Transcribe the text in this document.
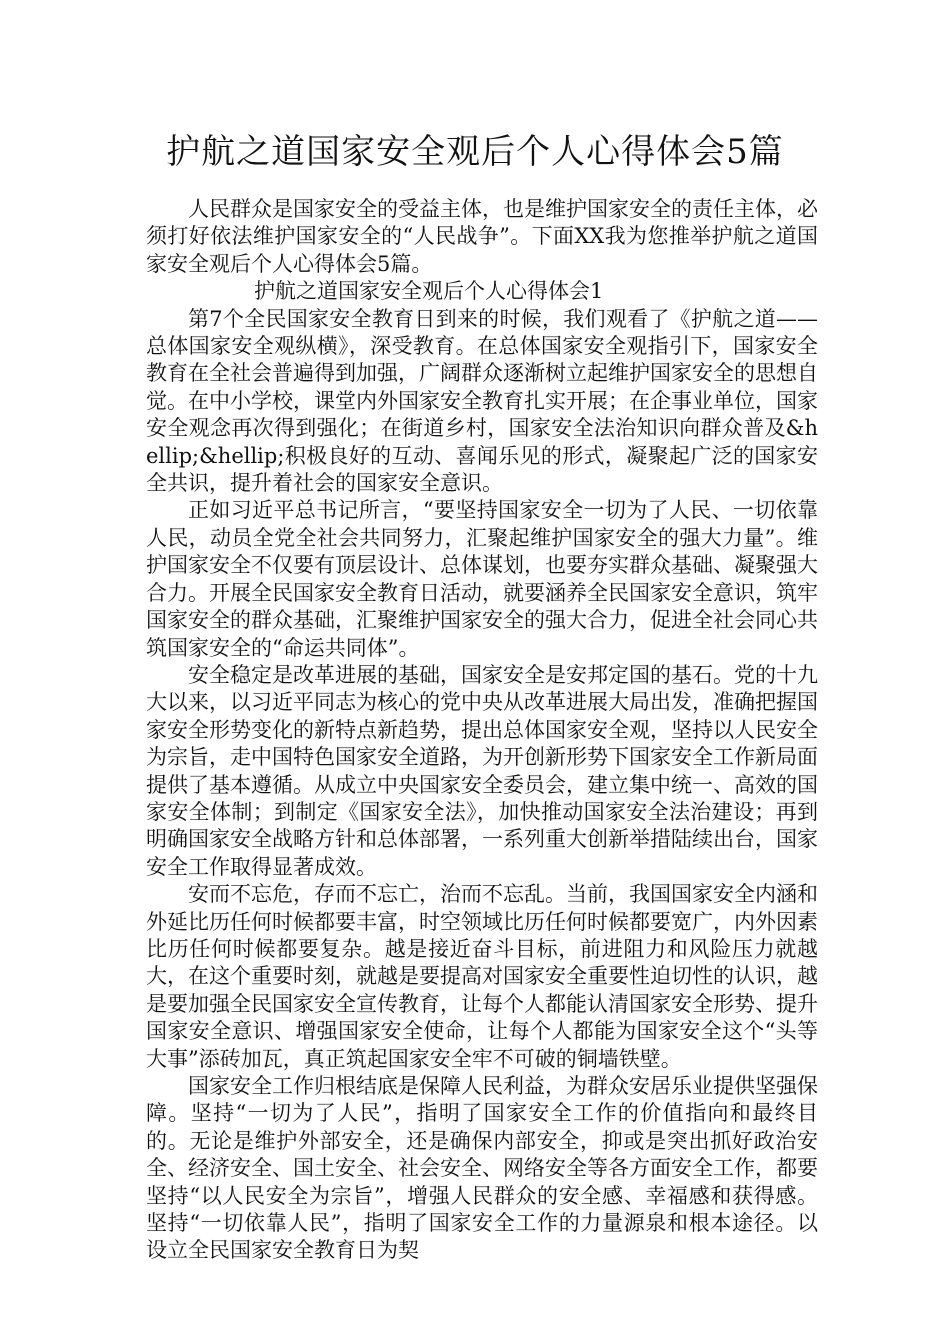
护航之道国家安全观后个人心得体会5篇

人民群众是国家安全的受益主体，也是维护国家安全的责任主体，必须打好依法维护国家安全的“人民战争”。下面XX我为您推举护航之道国家安全观后个人心得体会5篇。

护航之道国家安全观后个人心得体会1

第7个全民国家安全教育日到来的时候，我们观看了《护航之道——总体国家安全观纵横》，深受教育。在总体国家安全观指引下，国家安全教育在全社会普遍得到加强，广阔群众逐渐树立起维护国家安全的思想自觉。在中小学校，课堂内外国家安全教育扎实开展；在企事业单位，国家安全观念再次得到强化；在街道乡村，国家安全法治知识向群众普及&hellip;&hellip;积极良好的互动、喜闻乐见的形式，凝聚起广泛的国家安全共识，提升着社会的国家安全意识。

正如习近平总书记所言，“要坚持国家安全一切为了人民、一切依靠人民，动员全党全社会共同努力，汇聚起维护国家安全的强大力量”。维护国家安全不仅要有顶层设计、总体谋划，也要夯实群众基础、凝聚强大合力。开展全民国家安全教育日活动，就要涵养全民国家安全意识，筑牢国家安全的群众基础，汇聚维护国家安全的强大合力，促进全社会同心共筑国家安全的“命运共同体”。

安全稳定是改革进展的基础，国家安全是安邦定国的基石。党的十九大以来，以习近平同志为核心的党中央从改革进展大局出发，准确把握国家安全形势变化的新特点新趋势，提出总体国家安全观，坚持以人民安全为宗旨，走中国特色国家安全道路，为开创新形势下国家安全工作新局面提供了基本遵循。从成立中央国家安全委员会，建立集中统一、高效的国家安全体制；到制定《国家安全法》，加快推动国家安全法治建设；再到明确国家安全战略方针和总体部署，一系列重大创新举措陆续出台，国家安全工作取得显著成效。

安而不忘危，存而不忘亡，治而不忘乱。当前，我国国家安全内涵和外延比历任何时候都要丰富，时空领域比历任何时候都要宽广，内外因素比历任何时候都要复杂。越是接近奋斗目标，前进阻力和风险压力就越大，在这个重要时刻，就越是要提高对国家安全重要性迫切性的认识，越是要加强全民国家安全宣传教育，让每个人都能认清国家安全形势、提升国家安全意识、增强国家安全使命，让每个人都能为国家安全这个“头等大事”添砖加瓦，真正筑起国家安全牢不可破的铜墙铁壁。

国家安全工作归根结底是保障人民利益，为群众安居乐业提供坚强保障。坚持“一切为了人民”，指明了国家安全工作的价值指向和最终目的。无论是维护外部安全，还是确保内部安全，抑或是突出抓好政治安全、经济安全、国土安全、社会安全、网络安全等各方面安全工作，都要坚持“以人民安全为宗旨”，增强人民群众的安全感、幸福感和获得感。坚持“一切依靠人民”，指明了国家安全工作的力量源泉和根本途径。以设立全民国家安全教育日为契
